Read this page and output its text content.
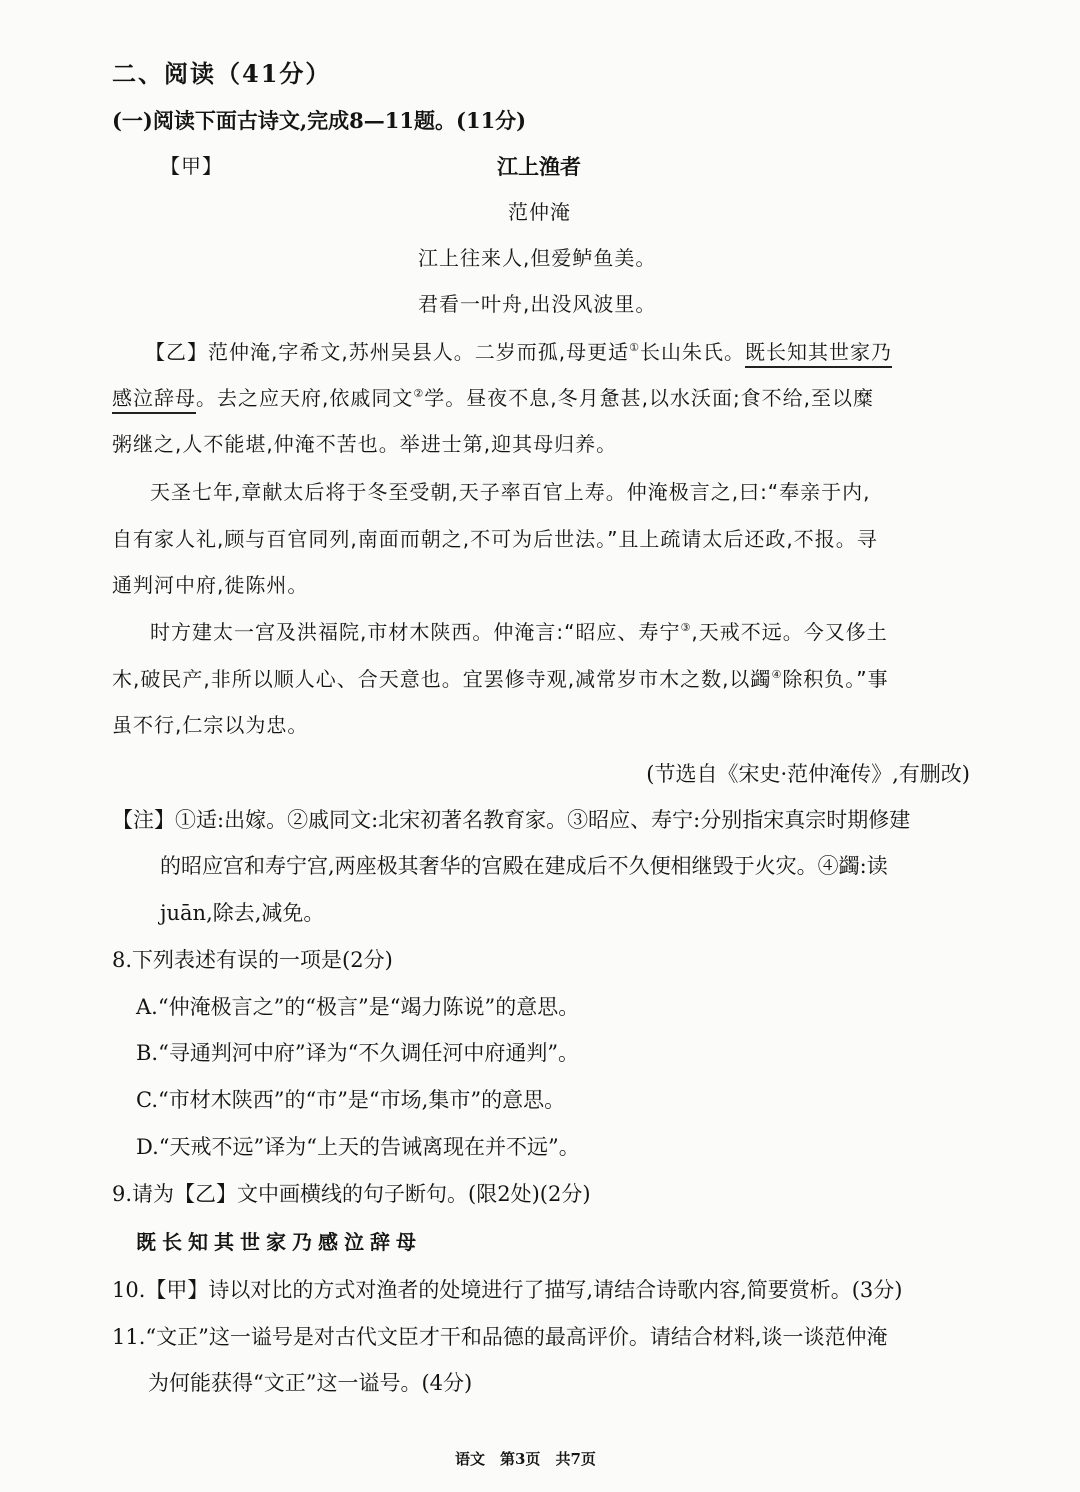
二、阅读（41分）
(一)阅读下面古诗文,完成8—11题。(11分)
【甲】	江上渔者
范仲淹
江上往来人,但爱鲈鱼美。
君看一叶舟,出没风波里。
【乙】范仲淹,字希文,苏州吴县人。二岁而孤,母更适①长山朱氏。既长知其世家乃
感泣辞母。去之应天府,依戚同文②学。昼夜不息,冬月惫甚,以水沃面;食不给,至以糜
粥继之,人不能堪,仲淹不苦也。举进士第,迎其母归养。
天圣七年,章献太后将于冬至受朝,天子率百官上寿。仲淹极言之,曰:“奉亲于内,
自有家人礼,顾与百官同列,南面而朝之,不可为后世法。”且上疏请太后还政,不报。寻
通判河中府,徙陈州。
时方建太一宫及洪福院,市材木陕西。仲淹言:“昭应、寿宁③,天戒不远。今又侈土
木,破民产,非所以顺人心、合天意也。宜罢修寺观,减常岁市木之数,以蠲④除积负。”事
虽不行,仁宗以为忠。
(节选自《宋史·范仲淹传》,有删改)
【注】①适:出嫁。②戚同文:北宋初著名教育家。③昭应、寿宁:分别指宋真宗时期修建
的昭应宫和寿宁宫,两座极其奢华的宫殿在建成后不久便相继毁于火灾。④蠲:读
juān,除去,减免。
8.下列表述有误的一项是(2分)
A.“仲淹极言之”的“极言”是“竭力陈说”的意思。
B.“寻通判河中府”译为“不久调任河中府通判”。
C.“市材木陕西”的“市”是“市场,集市”的意思。
D.“天戒不远”译为“上天的告诫离现在并不远”。
9.请为【乙】文中画横线的句子断句。(限2处)(2分)
既长知其世家乃感泣辞母
10.【甲】诗以对比的方式对渔者的处境进行了描写,请结合诗歌内容,简要赏析。(3分)
11.“文正”这一谥号是对古代文臣才干和品德的最高评价。请结合材料,谈一谈范仲淹
为何能获得“文正”这一谥号。(4分)
语文　第3页　共7页
